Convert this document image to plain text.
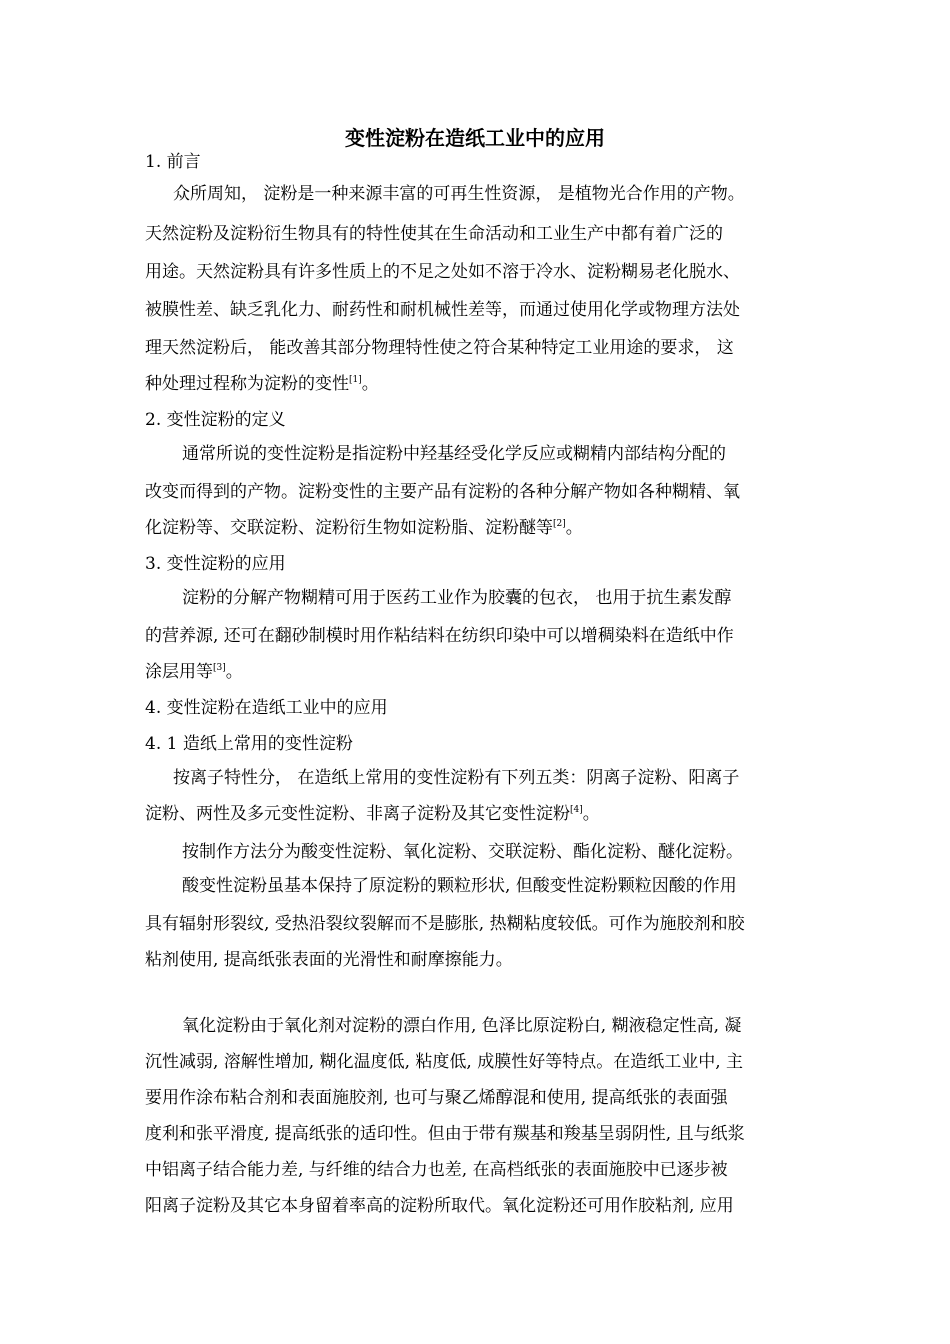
变性淀粉在造纸工业中的应用
1. 前言
众所周知， 淀粉是一种来源丰富的可再生性资源， 是植物光合作用的产物。
天然淀粉及淀粉衍生物具有的特性使其在生命活动和工业生产中都有着广泛的
用途。天然淀粉具有许多性质上的不足之处如不溶于冷水、淀粉糊易老化脱水、
被膜性差、缺乏乳化力、耐药性和耐机械性差等，而通过使用化学或物理方法处
理天然淀粉后， 能改善其部分物理特性使之符合某种特定工业用途的要求， 这
种处理过程称为淀粉的变性[1]。
2. 变性淀粉的定义
通常所说的变性淀粉是指淀粉中羟基经受化学反应或糊精内部结构分配的
改变而得到的产物。淀粉变性的主要产品有淀粉的各种分解产物如各种糊精、氧
化淀粉等、交联淀粉、淀粉衍生物如淀粉脂、淀粉醚等[2]。
3. 变性淀粉的应用
淀粉的分解产物糊精可用于医药工业作为胶囊的包衣， 也用于抗生素发醇
的营养源, 还可在翻砂制模时用作粘结料在纺织印染中可以增稠染料在造纸中作
涂层用等[3]。
4. 变性淀粉在造纸工业中的应用
4. 1 造纸上常用的变性淀粉
按离子特性分， 在造纸上常用的变性淀粉有下列五类：阴离子淀粉、阳离子
淀粉、两性及多元变性淀粉、非离子淀粉及其它变性淀粉[4]。
按制作方法分为酸变性淀粉、氧化淀粉、交联淀粉、酯化淀粉、醚化淀粉。
酸变性淀粉虽基本保持了原淀粉的颗粒形状, 但酸变性淀粉颗粒因酸的作用
具有辐射形裂纹, 受热沿裂纹裂解而不是膨胀, 热糊粘度较低。可作为施胶剂和胶
粘剂使用, 提高纸张表面的光滑性和耐摩擦能力。
氧化淀粉由于氧化剂对淀粉的漂白作用, 色泽比原淀粉白, 糊液稳定性高, 凝
沉性减弱, 溶解性增加, 糊化温度低, 粘度低, 成膜性好等特点。在造纸工业中, 主
要用作涂布粘合剂和表面施胶剂, 也可与聚乙烯醇混和使用, 提高纸张的表面强
度利和张平滑度, 提高纸张的适印性。但由于带有羰基和羧基呈弱阴性, 且与纸浆
中铝离子结合能力差, 与纤维的结合力也差, 在高档纸张的表面施胶中已逐步被
阳离子淀粉及其它本身留着率高的淀粉所取代。氧化淀粉还可用作胶粘剂, 应用
